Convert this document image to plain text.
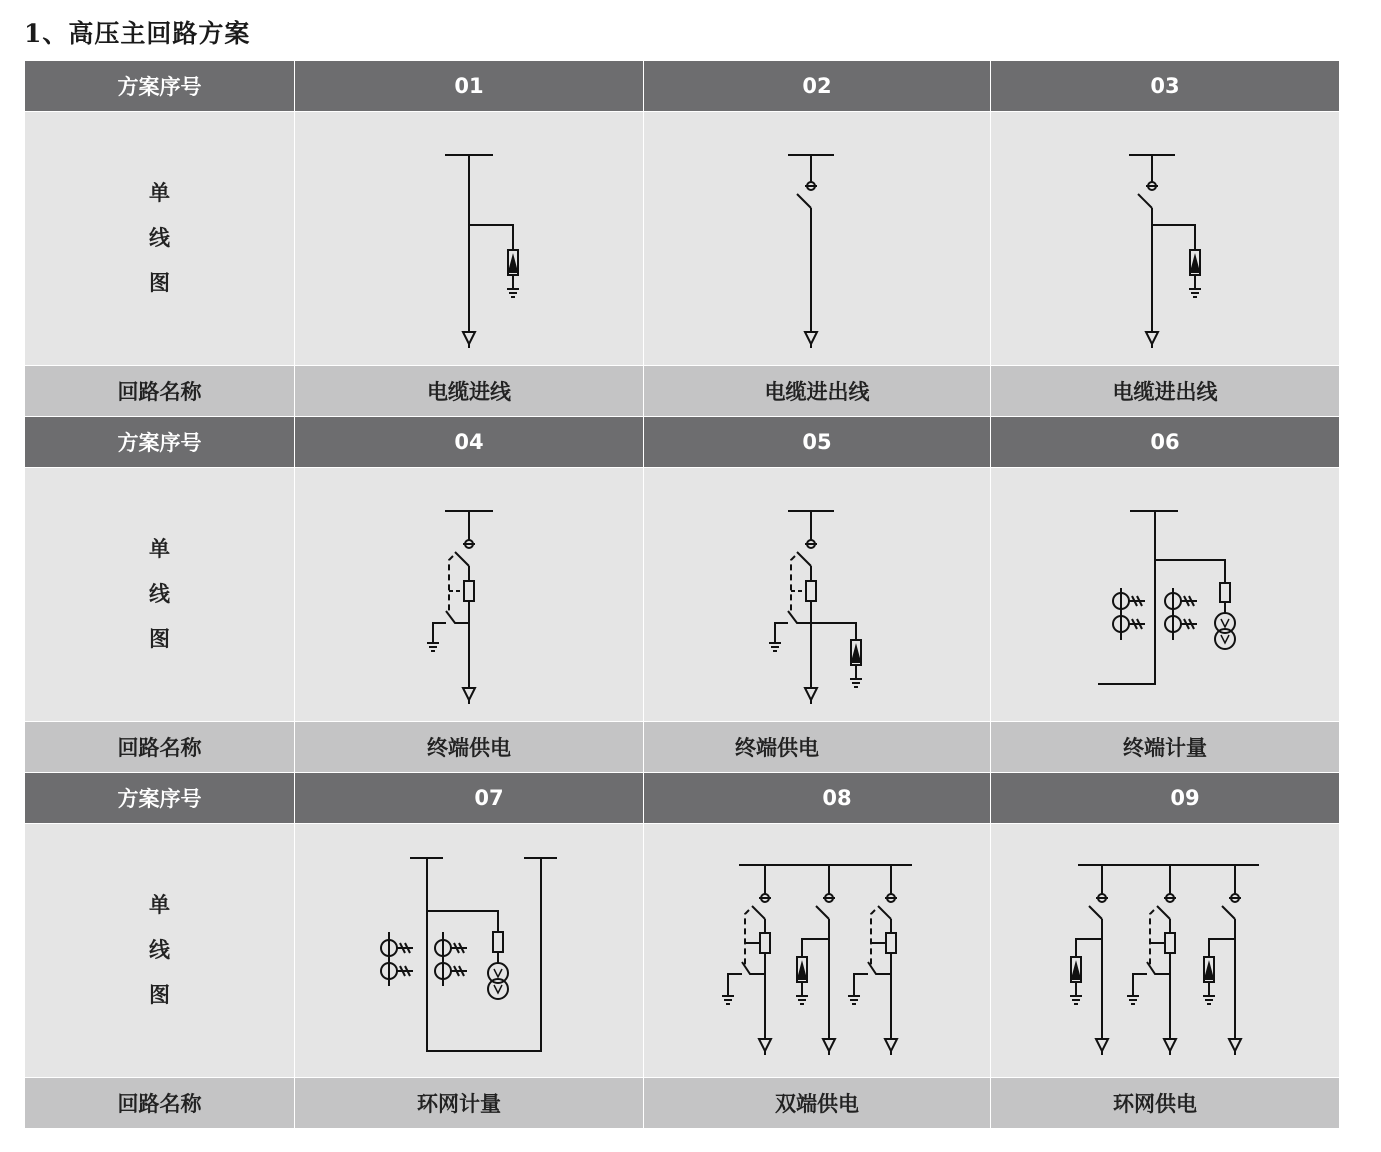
1、高压主回路方案
方案序号	01	02	03

单
线
图

回路名称	电缆进线	电缆进出线	电缆进出线
方案序号	04	05	06

单
线
图

回路名称	终端供电	终端供电	终端计量
方案序号	07	08	09

单
线
图

回路名称	环网计量	双端供电	环网供电
